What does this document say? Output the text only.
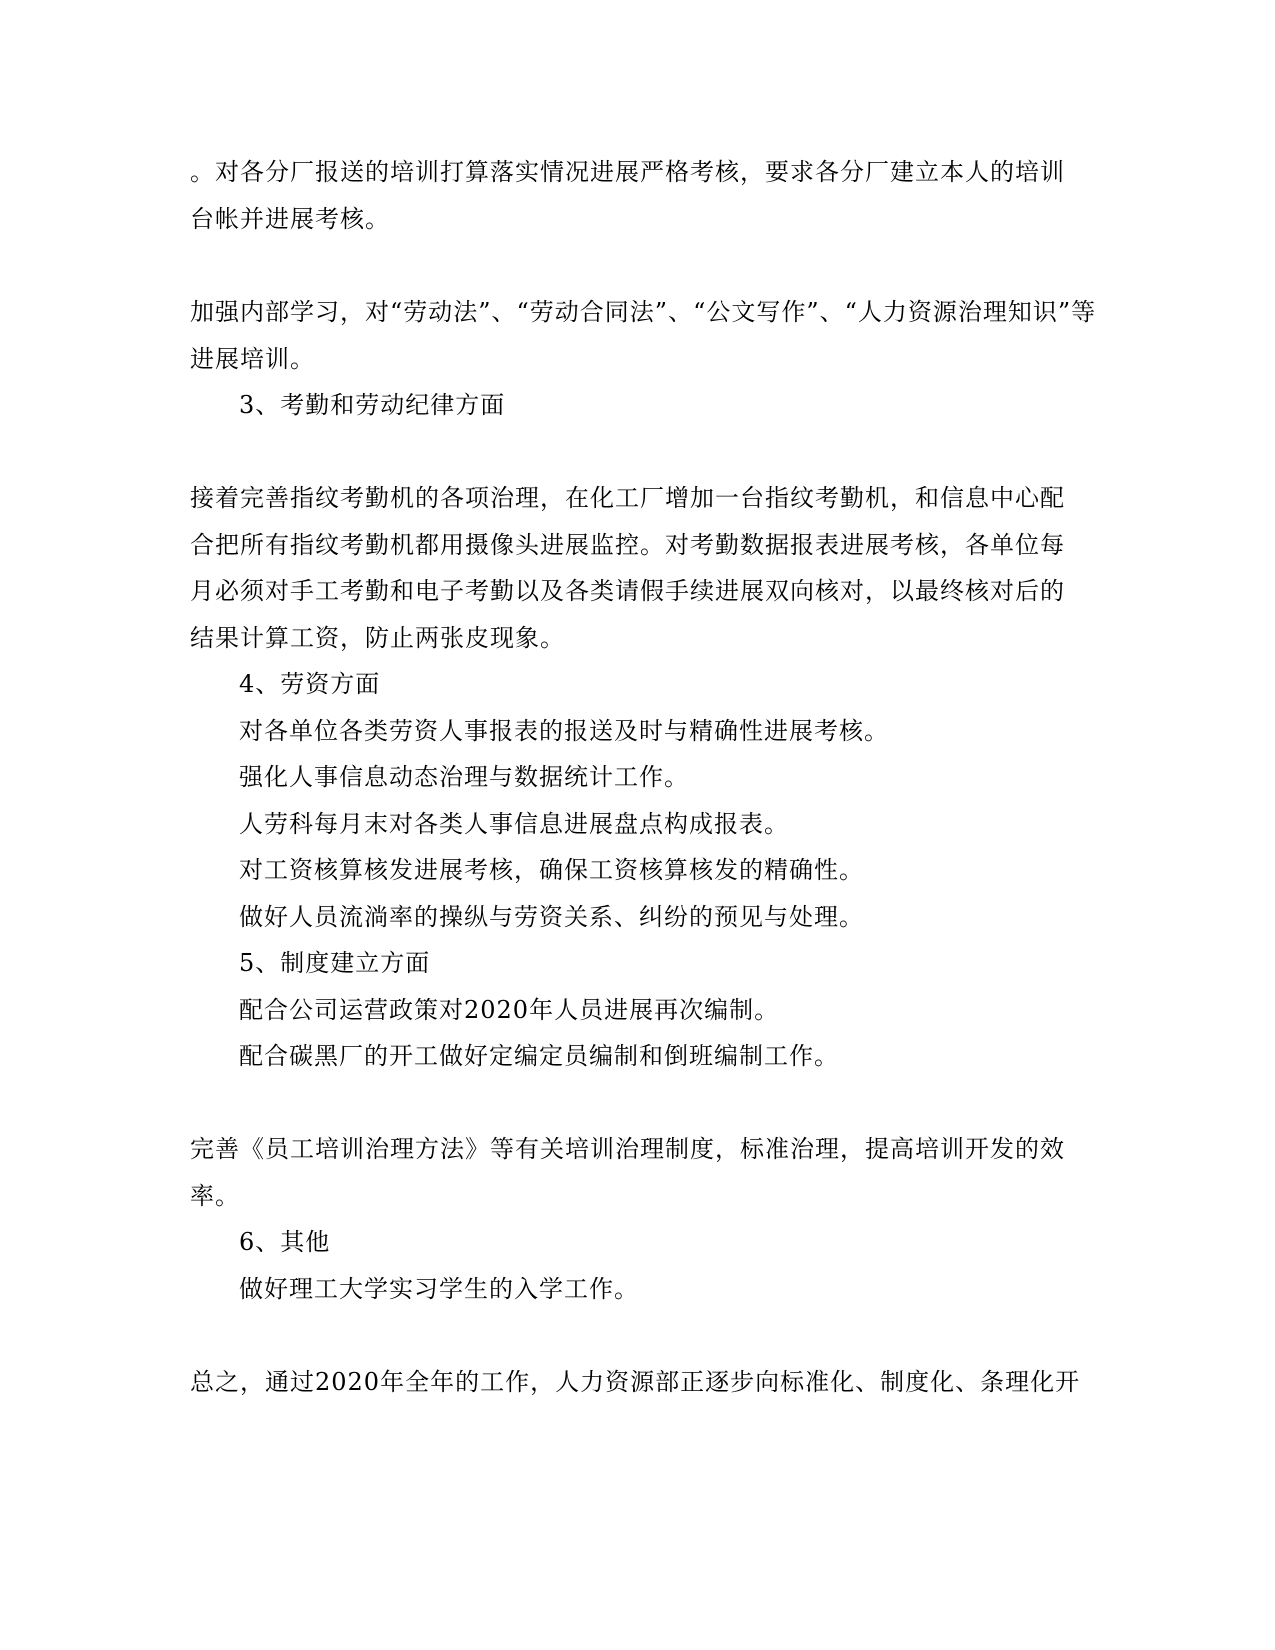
。对各分厂报送的培训打算落实情况进展严格考核，要求各分厂建立本人的培训
台帐并进展考核。
加强内部学习，对“劳动法”、“劳动合同法”、“公文写作”、“人力资源治理知识”等
进展培训。
3、考勤和劳动纪律方面
接着完善指纹考勤机的各项治理，在化工厂增加一台指纹考勤机，和信息中心配
合把所有指纹考勤机都用摄像头进展监控。对考勤数据报表进展考核，各单位每
月必须对手工考勤和电子考勤以及各类请假手续进展双向核对，以最终核对后的
结果计算工资，防止两张皮现象。
4、劳资方面
对各单位各类劳资人事报表的报送及时与精确性进展考核。
强化人事信息动态治理与数据统计工作。
人劳科每月末对各类人事信息进展盘点构成报表。
对工资核算核发进展考核，确保工资核算核发的精确性。
做好人员流淌率的操纵与劳资关系、纠纷的预见与处理。
5、制度建立方面
配合公司运营政策对2020年人员进展再次编制。
配合碳黑厂的开工做好定编定员编制和倒班编制工作。
完善《员工培训治理方法》等有关培训治理制度，标准治理，提高培训开发的效
率。
6、其他
做好理工大学实习学生的入学工作。
总之，通过2020年全年的工作，人力资源部正逐步向标准化、制度化、条理化开
